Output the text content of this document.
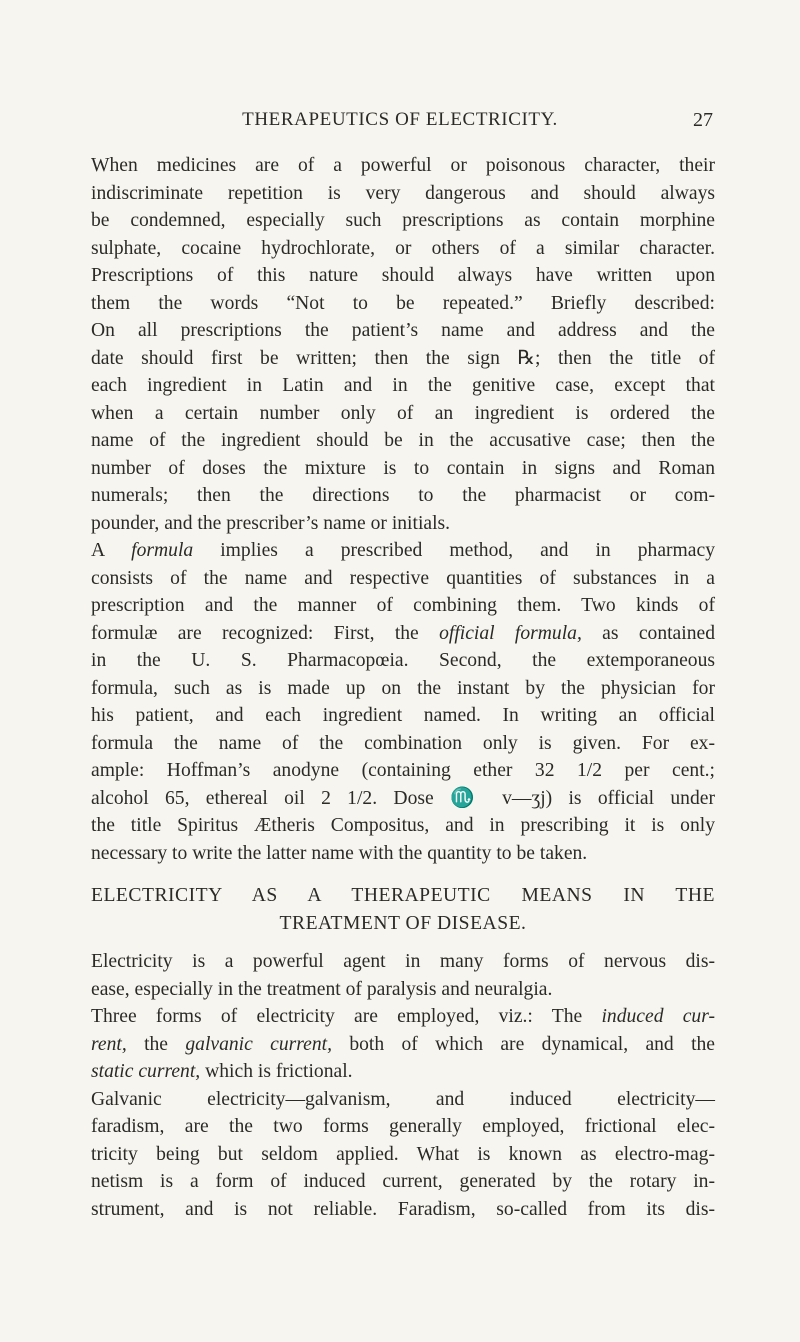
THERAPEUTICS OF ELECTRICITY.	27
When medicines are of a powerful or poisonous character, their
indiscriminate repetition is very dangerous and should always
be condemned, especially such prescriptions as contain morphine
sulphate, cocaine hydrochlorate, or others of a similar character.
Prescriptions of this nature should always have written upon
them the words “Not to be repeated.” Briefly described:
On all prescriptions the patient’s name and address and the
date should first be written; then the sign ℞; then the title of
each ingredient in Latin and in the genitive case, except that
when a certain number only of an ingredient is ordered the
name of the ingredient should be in the accusative case; then the
number of doses the mixture is to contain in signs and Roman
numerals; then the directions to the pharmacist or com-
pounder, and the prescriber’s name or initials.
A formula implies a prescribed method, and in pharmacy
consists of the name and respective quantities of substances in a
prescription and the manner of combining them. Two kinds of
formulæ are recognized: First, the official formula, as contained
in the U. S. Pharmacopœia. Second, the extemporaneous
formula, such as is made up on the instant by the physician for
his patient, and each ingredient named. In writing an official
formula the name of the combination only is given. For ex-
ample: Hoffman’s anodyne (containing ether 32 1/2 per cent.;
alcohol 65, ethereal oil 2 1/2. Dose ♏ v—ʒj) is official under
the title Spiritus Ætheris Compositus, and in prescribing it is only
necessary to write the latter name with the quantity to be taken.
ELECTRICITY AS A THERAPEUTIC MEANS IN THE
TREATMENT OF DISEASE.
Electricity is a powerful agent in many forms of nervous dis-
ease, especially in the treatment of paralysis and neuralgia.
Three forms of electricity are employed, viz.: The induced cur-
rent, the galvanic current, both of which are dynamical, and the
static current, which is frictional.
Galvanic electricity—galvanism, and induced electricity—
faradism, are the two forms generally employed, frictional elec-
tricity being but seldom applied. What is known as electro-mag-
netism is a form of induced current, generated by the rotary in-
strument, and is not reliable. Faradism, so-called from its dis-
